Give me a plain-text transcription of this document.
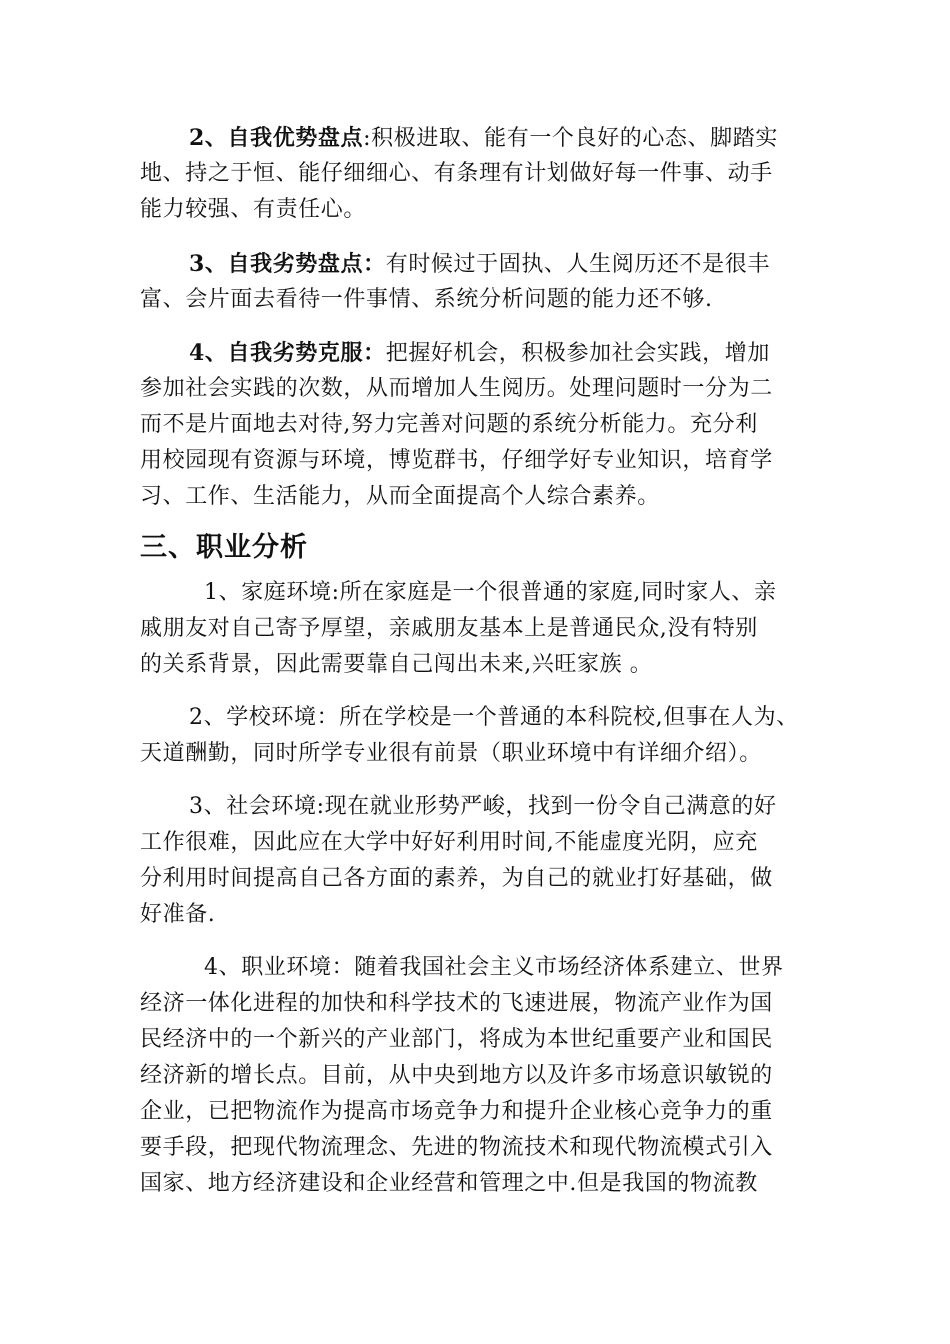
2、自我优势盘点:积极进取、能有一个良好的心态、脚踏实
地、持之于恒、能仔细细心、有条理有计划做好每一件事、动手
能力较强、有责任心。
3、自我劣势盘点：有时候过于固执、人生阅历还不是很丰
富、会片面去看待一件事情、系统分析问题的能力还不够.
4、自我劣势克服：把握好机会，积极参加社会实践，增加
参加社会实践的次数，从而增加人生阅历。处理问题时一分为二
而不是片面地去对待,努力完善对问题的系统分析能力。充分利
用校园现有资源与环境，博览群书，仔细学好专业知识，培育学
习、工作、生活能力，从而全面提高个人综合素养。
三、职业分析
1、家庭环境:所在家庭是一个很普通的家庭,同时家人、亲
戚朋友对自己寄予厚望，亲戚朋友基本上是普通民众,没有特别
的关系背景，因此需要靠自己闯出未来,兴旺家族 。
2、学校环境：所在学校是一个普通的本科院校,但事在人为、
天道酬勤，同时所学专业很有前景（职业环境中有详细介绍）。
3、社会环境:现在就业形势严峻，找到一份令自己满意的好
工作很难，因此应在大学中好好利用时间,不能虚度光阴，应充
分利用时间提高自己各方面的素养，为自己的就业打好基础，做
好准备.
4、职业环境：随着我国社会主义市场经济体系建立、世界
经济一体化进程的加快和科学技术的飞速进展，物流产业作为国
民经济中的一个新兴的产业部门，将成为本世纪重要产业和国民
经济新的增长点。目前，从中央到地方以及许多市场意识敏锐的
企业，已把物流作为提高市场竞争力和提升企业核心竞争力的重
要手段，把现代物流理念、先进的物流技术和现代物流模式引入
国家、地方经济建设和企业经营和管理之中.但是我国的物流教
